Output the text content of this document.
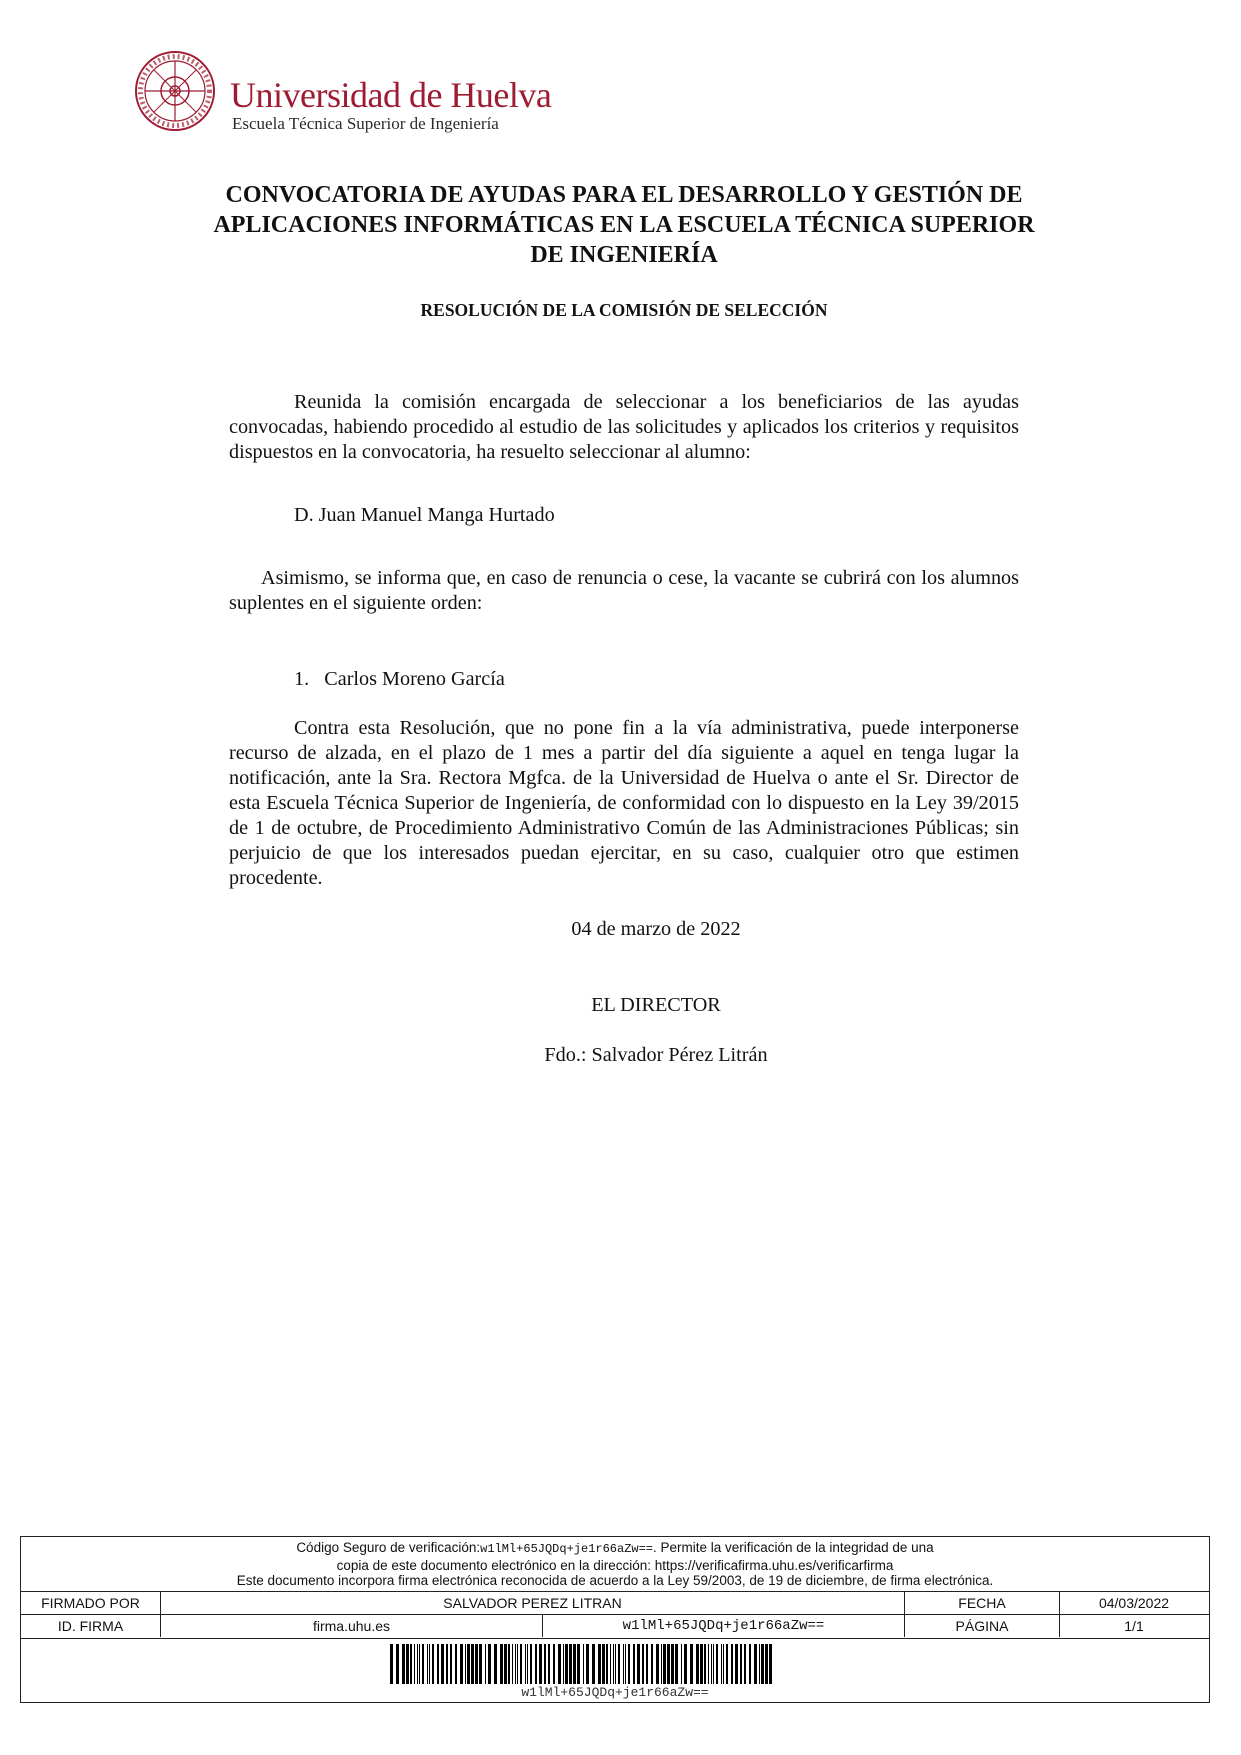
Universidad de Huelva
Escuela Técnica Superior de Ingeniería
CONVOCATORIA DE AYUDAS PARA EL DESARROLLO Y GESTIÓN DE APLICACIONES INFORMÁTICAS EN LA ESCUELA TÉCNICA SUPERIOR DE INGENIERÍA
RESOLUCIÓN DE LA COMISIÓN DE SELECCIÓN
Reunida la comisión encargada de seleccionar a los beneficiarios de las ayudas convocadas, habiendo procedido al estudio de las solicitudes y aplicados los criterios y requisitos dispuestos en la convocatoria, ha resuelto seleccionar al alumno:
D. Juan Manuel Manga Hurtado
Asimismo, se informa que, en caso de renuncia o cese, la vacante se cubrirá con los alumnos suplentes en el siguiente orden:
1.   Carlos Moreno García
Contra esta Resolución, que no pone fin a la vía administrativa, puede interponerse recurso de alzada, en el plazo de 1 mes a partir del día siguiente a aquel en tenga lugar la notificación, ante la Sra. Rectora Mgfca. de la Universidad de Huelva o ante el Sr. Director de esta Escuela Técnica Superior de Ingeniería, de conformidad con lo dispuesto en la Ley 39/2015 de 1 de octubre, de Procedimiento Administrativo Común de las Administraciones Públicas; sin perjuicio de que los interesados puedan ejercitar, en su caso, cualquier otro que estimen procedente.
04 de marzo de 2022
EL DIRECTOR
Fdo.: Salvador Pérez Litrán
Código Seguro de verificación:w1lMl+65JQDq+je1r66aZw==. Permite la verificación de la integridad de una
copia de este documento electrónico en la dirección: https://verificafirma.uhu.es/verificarfirma
Este documento incorpora firma electrónica reconocida de acuerdo a la Ley 59/2003, de 19 de diciembre, de firma electrónica.
FIRMADO POR	SALVADOR PEREZ LITRAN	FECHA	04/03/2022
ID. FIRMA	firma.uhu.es	w1lMl+65JQDq+je1r66aZw==	PÁGINA	1/1
w1lMl+65JQDq+je1r66aZw==
